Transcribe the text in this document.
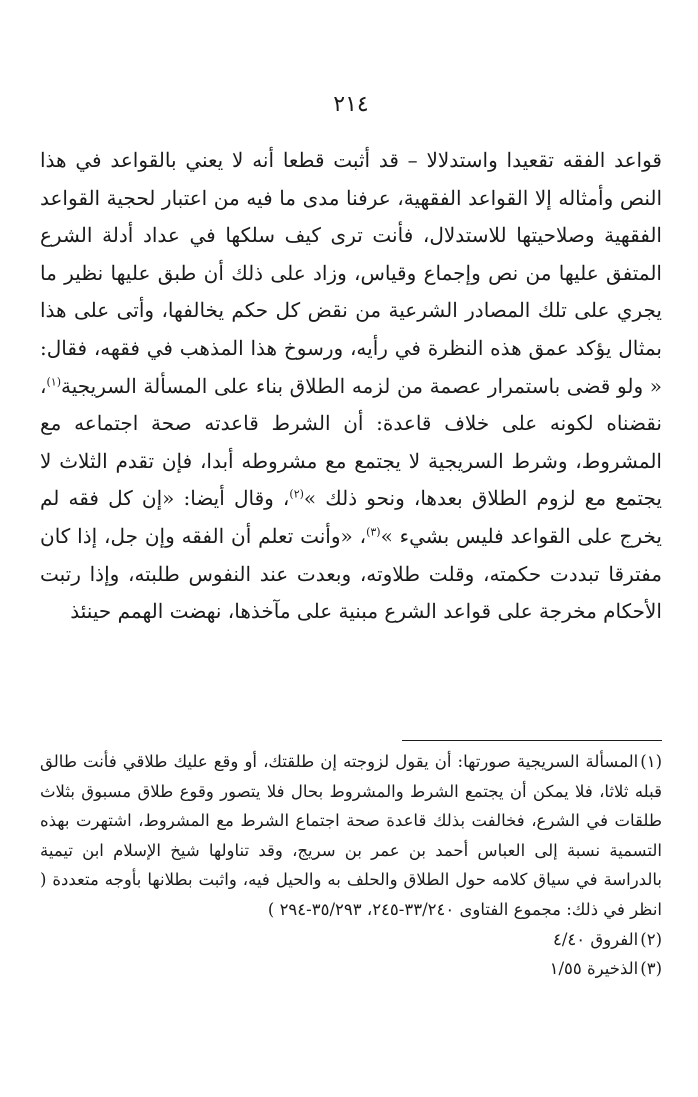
٢١٤

قواعد الفقه تقعيدا واستدلالا – قد أثبت قطعا أنه لا يعني بالقواعد في هذا النص وأمثاله إلا القواعد الفقهية، عرفنا مدى ما فيه من اعتبار لحجية القواعد الفقهية وصلاحيتها للاستدلال، فأنت ترى كيف سلكها في عداد أدلة الشرع المتفق عليها من نص وإجماع وقياس، وزاد على ذلك أن طبق عليها نظير ما يجري على تلك المصادر الشرعية من نقض كل حكم يخالفها، وأتى على هذا بمثال يؤكد عمق هذه النظرة في رأيه، ورسوخ هذا المذهب في فقهه، فقال: « ولو قضى باستمرار عصمة من لزمه الطلاق بناء على المسألة السريجية$^{(١)}$، نقضناه لكونه على خلاف قاعدة: أن الشرط قاعدته صحة اجتماعه مع المشروط، وشرط السريجية لا يجتمع مع مشروطه أبدا، فإن تقدم الثلاث لا يجتمع مع لزوم الطلاق بعدها، ونحو ذلك »$^{(٢)}$، وقال أيضا: «إن كل فقه لم يخرج على القواعد فليس بشيء »$^{(٣)}$، «وأنت تعلم أن الفقه وإن جل، إذا كان مفترقا تبددت حكمته، وقلت طلاوته، وبعدت عند النفوس طلبته، وإذا رتبت الأحكام مخرجة على قواعد الشرع مبنية على مآخذها، نهضت الهمم حينئذ

(١)المسألة السريجية صورتها: أن يقول لزوجته إن طلقتك، أو وقع عليك طلاقي فأنت طالق قبله ثلاثا، فلا يمكن أن يجتمع الشرط والمشروط بحال فلا يتصور وقوع طلاق مسبوق بثلاث طلقات في الشرع، فخالفت بذلك قاعدة صحة اجتماع الشرط مع المشروط، اشتهرت بهذه التسمية نسبة إلى العباس أحمد بن عمر بن سريج، وقد تناولها شيخ الإسلام ابن تيمية بالدراسة في سياق كلامه حول الطلاق والحلف به والحيل فيه، واثبت بطلانها بأوجه متعددة ( انظر في ذلك: مجموع الفتاوى ٣٣/٢٤٠-٢٤٥، ٣٥/٢٩٣-٢٩٤ )
(٢)الفروق ٤/٤٠
(٣)الذخيرة ١/٥٥
